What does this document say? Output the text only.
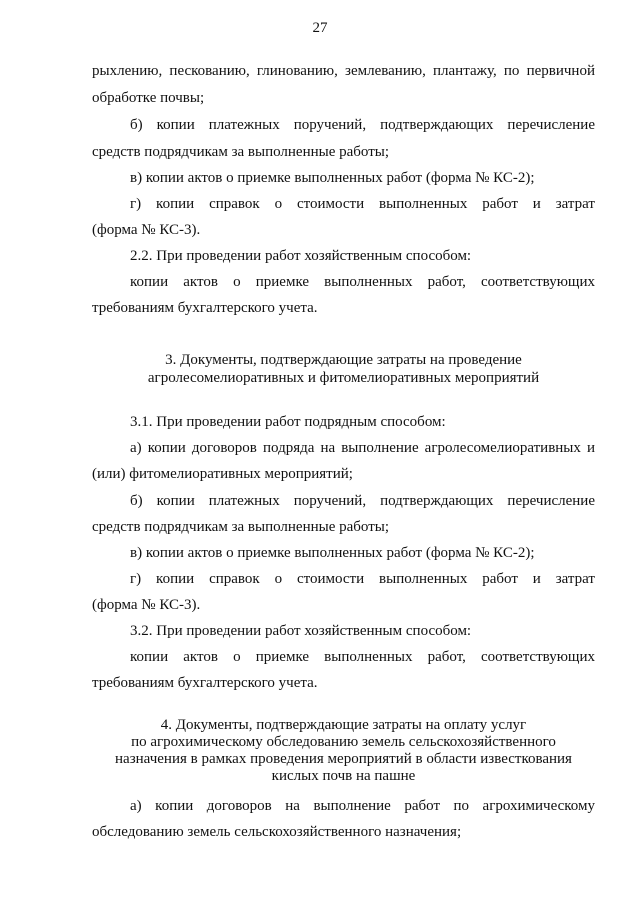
27
рыхлению, пескованию, глинованию, землеванию, плантажу, по первичной
обработке почвы;
б) копии платежных поручений, подтверждающих перечисление
средств подрядчикам за выполненные работы;
в) копии актов о приемке выполненных работ (форма № КС-2);
г) копии справок о стоимости выполненных работ и затрат
(форма № КС-3).
2.2. При проведении работ хозяйственным способом:
копии актов о приемке выполненных работ, соответствующих
требованиям бухгалтерского учета.
3. Документы, подтверждающие затраты на проведение
агролесомелиоративных и фитомелиоративных мероприятий
3.1. При проведении работ подрядным способом:
а) копии договоров подряда на выполнение агролесомелиоративных и
(или) фитомелиоративных мероприятий;
б) копии платежных поручений, подтверждающих перечисление
средств подрядчикам за выполненные работы;
в) копии актов о приемке выполненных работ (форма № КС-2);
г) копии справок о стоимости выполненных работ и затрат
(форма № КС-3).
3.2. При проведении работ хозяйственным способом:
копии актов о приемке выполненных работ, соответствующих
требованиям бухгалтерского учета.
4. Документы, подтверждающие затраты на оплату услуг
по агрохимическому обследованию земель сельскохозяйственного
назначения в рамках проведения мероприятий в области известкования
кислых почв на пашне
а) копии договоров на выполнение работ по агрохимическому
обследованию земель сельскохозяйственного назначения;
